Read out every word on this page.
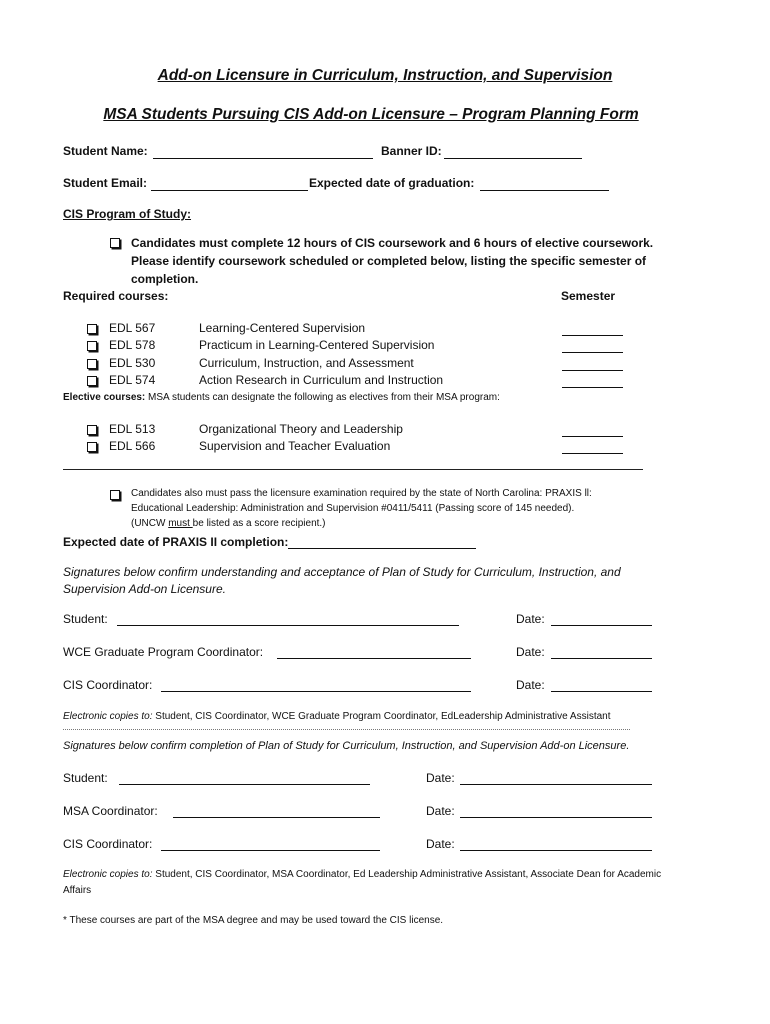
Add-on Licensure in Curriculum, Instruction, and Supervision
MSA Students Pursuing CIS Add-on Licensure – Program Planning Form
Student Name:	Banner ID:
Student Email:	Expected date of graduation:
CIS Program of Study:
Candidates must complete 12 hours of CIS coursework and 6 hours of elective coursework.
Please identify coursework scheduled or completed below, listing the specific semester of
completion.
Required courses:	Semester
EDL 567	Learning-Centered Supervision
EDL 578	Practicum in Learning-Centered Supervision
EDL 530	Curriculum, Instruction, and Assessment
EDL 574	Action Research in Curriculum and Instruction
Elective courses: MSA students can designate the following as electives from their MSA program:
EDL 513	Organizational Theory and Leadership
EDL 566	Supervision and Teacher Evaluation
Candidates also must pass the licensure examination required by the state of North Carolina: PRAXIS ll:
Educational Leadership: Administration and Supervision #0411/5411 (Passing score of 145 needed).
(UNCW must be listed as a score recipient.)
Expected date of PRAXIS II completion:
Signatures below confirm understanding and acceptance of Plan of Study for Curriculum, Instruction, and
Supervision Add-on Licensure.
Student:	Date:
WCE Graduate Program Coordinator:	Date:
CIS Coordinator:	Date:
Electronic copies to: Student, CIS Coordinator, WCE Graduate Program Coordinator, EdLeadership Administrative Assistant
Signatures below confirm completion of Plan of Study for Curriculum, Instruction, and Supervision Add-on Licensure.
Student:	Date:
MSA Coordinator:	Date:
CIS Coordinator:	Date:
Electronic copies to: Student, CIS Coordinator, MSA Coordinator, Ed Leadership Administrative Assistant, Associate Dean for Academic
Affairs
* These courses are part of the MSA degree and may be used toward the CIS license.
